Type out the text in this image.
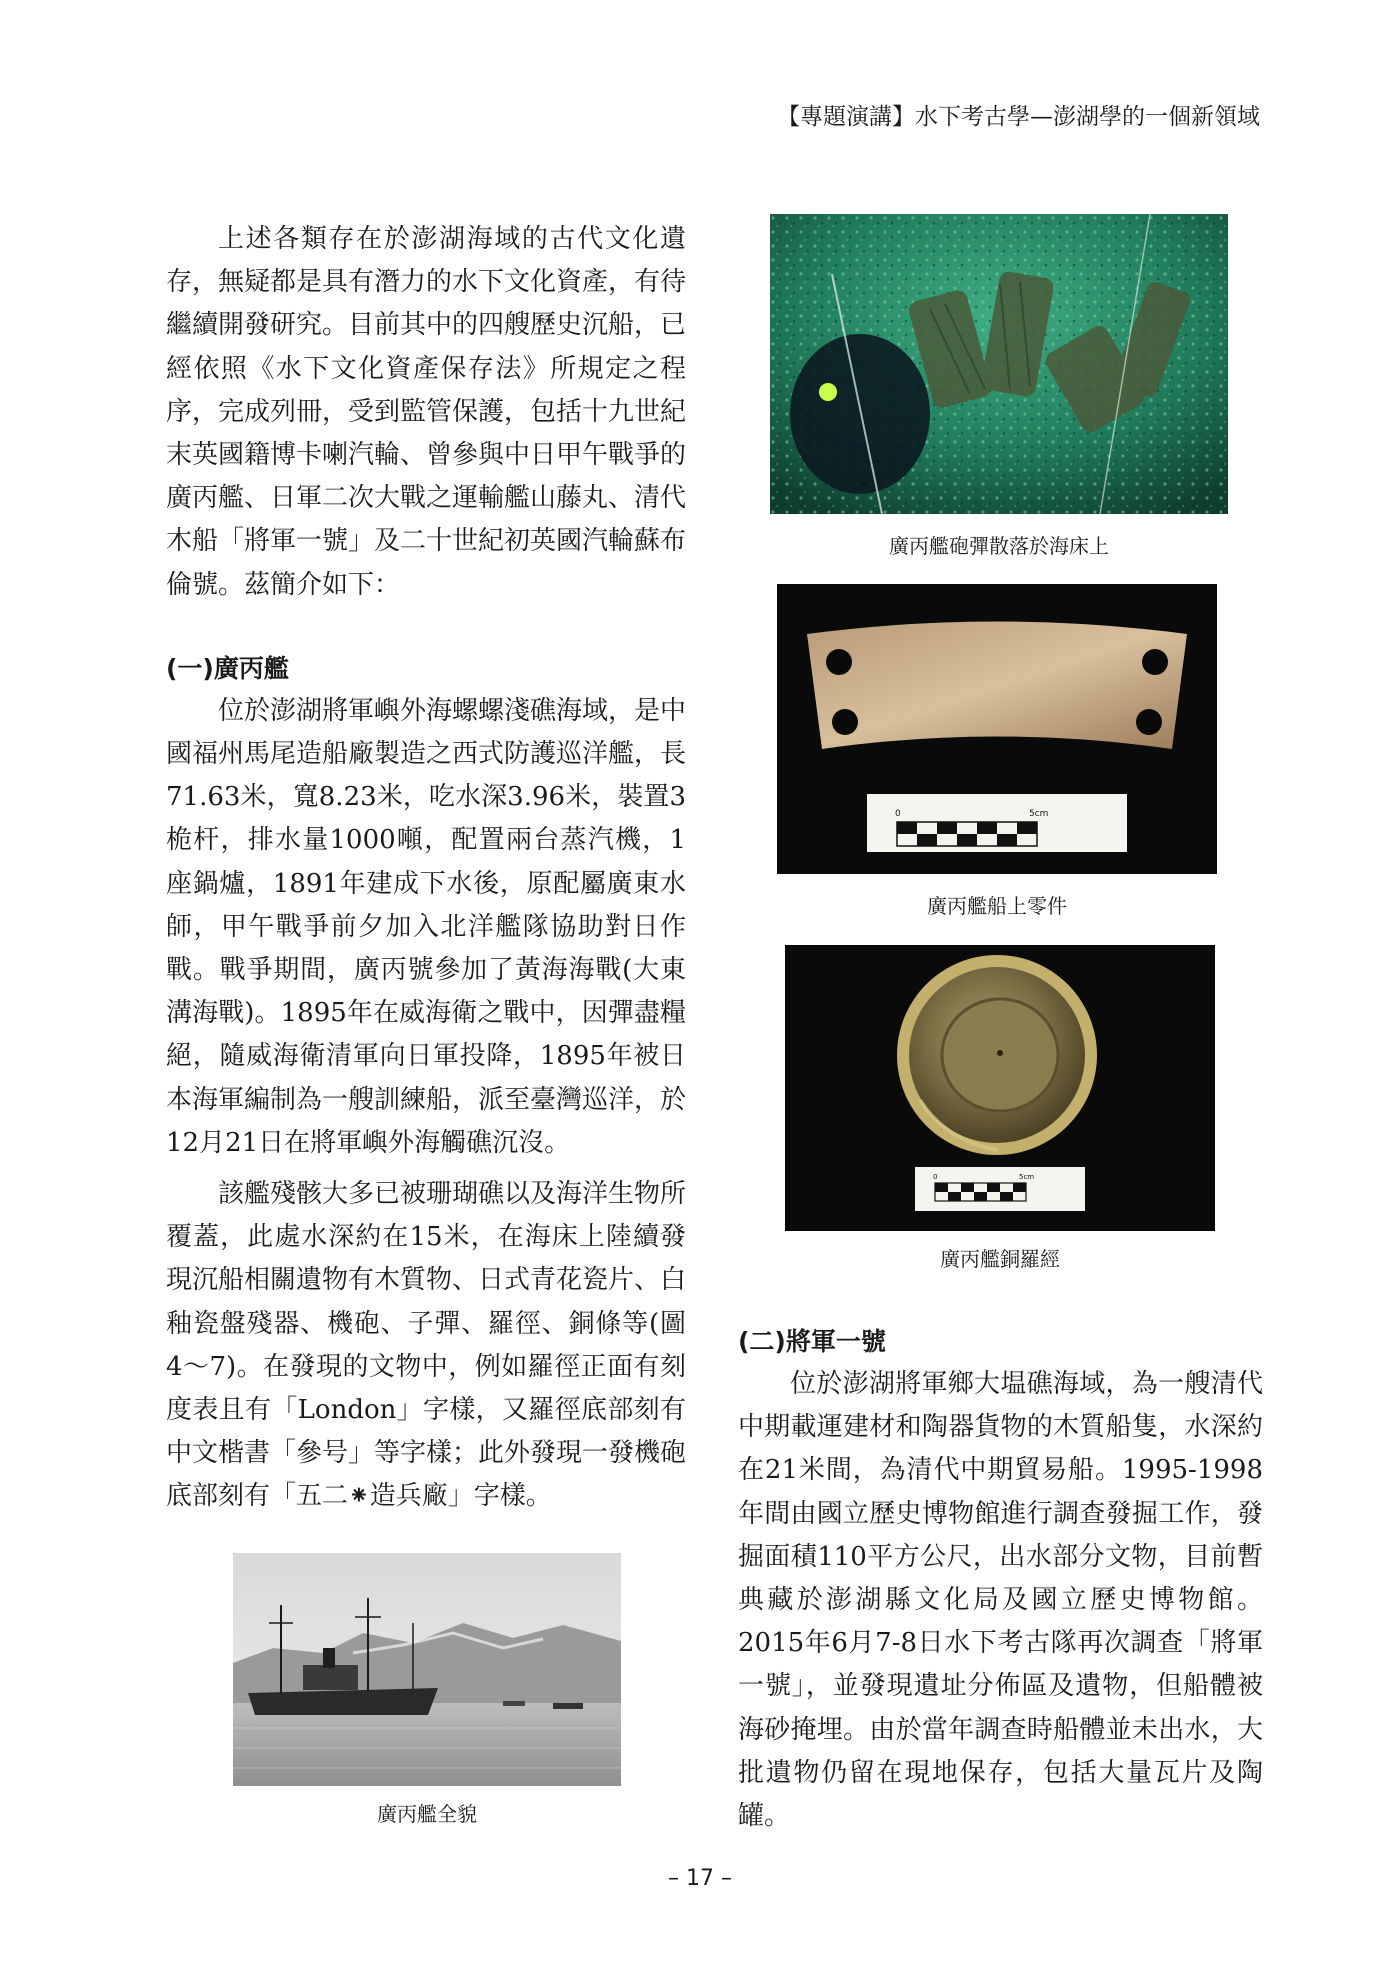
【專題演講】水下考古學—澎湖學的一個新領域

上述各類存在於澎湖海域的古代文化遺存，無疑都是具有潛力的水下文化資產，有待繼續開發研究。目前其中的四艘歷史沉船，已經依照《水下文化資產保存法》所規定之程序，完成列冊，受到監管保護，包括十九世紀末英國籍博卡喇汽輪、曾參與中日甲午戰爭的廣丙艦、日軍二次大戰之運輸艦山藤丸、清代木船「將軍一號」及二十世紀初英國汽輪蘇布倫號。茲簡介如下：

(一)廣丙艦

位於澎湖將軍嶼外海螺螺淺礁海域，是中國福州馬尾造船廠製造之西式防護巡洋艦，長71.63米，寬8.23米，吃水深3.96米，裝置3桅杆，排水量1000噸，配置兩台蒸汽機，1座鍋爐，1891年建成下水後，原配屬廣東水師，甲午戰爭前夕加入北洋艦隊協助對日作戰。戰爭期間，廣丙號參加了黃海海戰(大東溝海戰)。1895年在威海衛之戰中，因彈盡糧絕，隨威海衛清軍向日軍投降，1895年被日本海軍編制為一艘訓練船，派至臺灣巡洋，於12月21日在將軍嶼外海觸礁沉沒。

該艦殘骸大多已被珊瑚礁以及海洋生物所覆蓋，此處水深約在15米，在海床上陸續發現沉船相關遺物有木質物、日式青花瓷片、白釉瓷盤殘器、機砲、子彈、羅徑、銅條等(圖4～7)。在發現的文物中，例如羅徑正面有刻度表且有「London」字樣，又羅徑底部刻有中文楷書「參号」等字樣；此外發現一發機砲底部刻有「五二⁕造兵廠」字樣。

(二)將軍一號

位於澎湖將軍鄉大塭礁海域，為一艘清代中期載運建材和陶器貨物的木質船隻，水深約在21米間，為清代中期貿易船。1995-1998年間由國立歷史博物館進行調查發掘工作，發掘面積110平方公尺，出水部分文物，目前暫典藏於澎湖縣文化局及國立歷史博物館。2015年6月7-8日水下考古隊再次調查「將軍一號」，並發現遺址分佈區及遺物，但船體被海砂掩埋。由於當年調查時船體並未出水，大批遺物仍留在現地保存，包括大量瓦片及陶罐。

廣丙艦砲彈散落於海床上
0	5cm
廣丙艦船上零件
0	5cm
廣丙艦銅羅經
廣丙艦全貌
– 17 –
